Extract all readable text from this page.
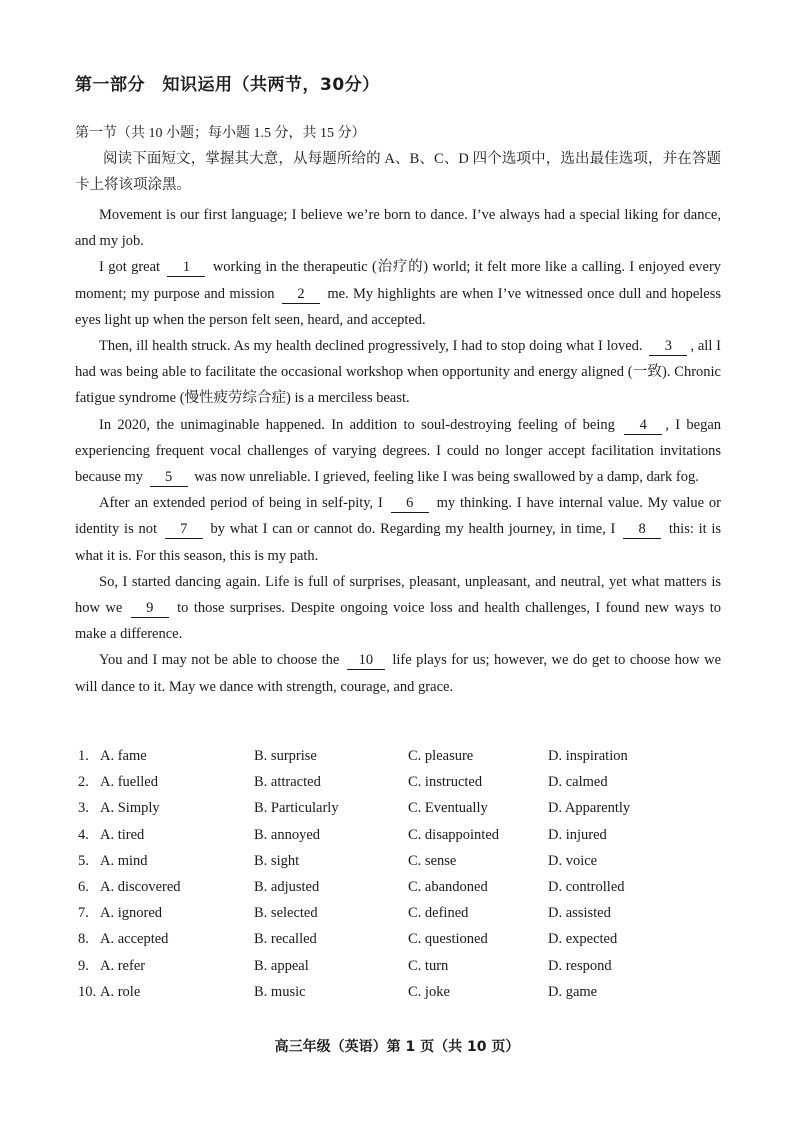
第一部分　知识运用（共两节，30分）
第一节（共 10 小题；每小题 1.5 分，共 15 分）
阅读下面短文，掌握其大意，从每题所给的 A、B、C、D 四个选项中，选出最佳选项，并在答题卡上将该项涂黑。

Movement is our first language; I believe we’re born to dance. I’ve always had a special liking for dance, and my job.

I got great 1 working in the therapeutic (治疗的) world; it felt more like a calling. I enjoyed every moment; my purpose and mission 2 me. My highlights are when I’ve witnessed once dull and hopeless eyes light up when the person felt seen, heard, and accepted.

Then, ill health struck. As my health declined progressively, I had to stop doing what I loved. 3 , all I had was being able to facilitate the occasional workshop when opportunity and energy aligned (一致). Chronic fatigue syndrome (慢性疲劳综合症) is a merciless beast.

In 2020, the unimaginable happened. In addition to soul-destroying feeling of being 4 , I began experiencing frequent vocal challenges of varying degrees. I could no longer accept facilitation invitations because my 5 was now unreliable. I grieved, feeling like I was being swallowed by a damp, dark fog.

After an extended period of being in self-pity, I 6 my thinking. I have internal value. My value or identity is not 7 by what I can or cannot do. Regarding my health journey, in time, I 8 this: it is what it is. For this season, this is my path.

So, I started dancing again. Life is full of surprises, pleasant, unpleasant, and neutral, yet what matters is how we 9 to those surprises. Despite ongoing voice loss and health challenges, I found new ways to make a difference.

You and I may not be able to choose the 10 life plays for us; however, we do get to choose how we will dance to it. May we dance with strength, courage, and grace.

1. A. fame	B. surprise	C. pleasure	D. inspiration
2. A. fuelled	B. attracted	C. instructed	D. calmed
3. A. Simply	B. Particularly	C. Eventually	D. Apparently
4. A. tired	B. annoyed	C. disappointed	D. injured
5. A. mind	B. sight	C. sense	D. voice
6. A. discovered	B. adjusted	C. abandoned	D. controlled
7. A. ignored	B. selected	C. defined	D. assisted
8. A. accepted	B. recalled	C. questioned	D. expected
9. A. refer	B. appeal	C. turn	D. respond
10. A. role	B. music	C. joke	D. game
高三年级（英语）第 1 页（共 10 页）
